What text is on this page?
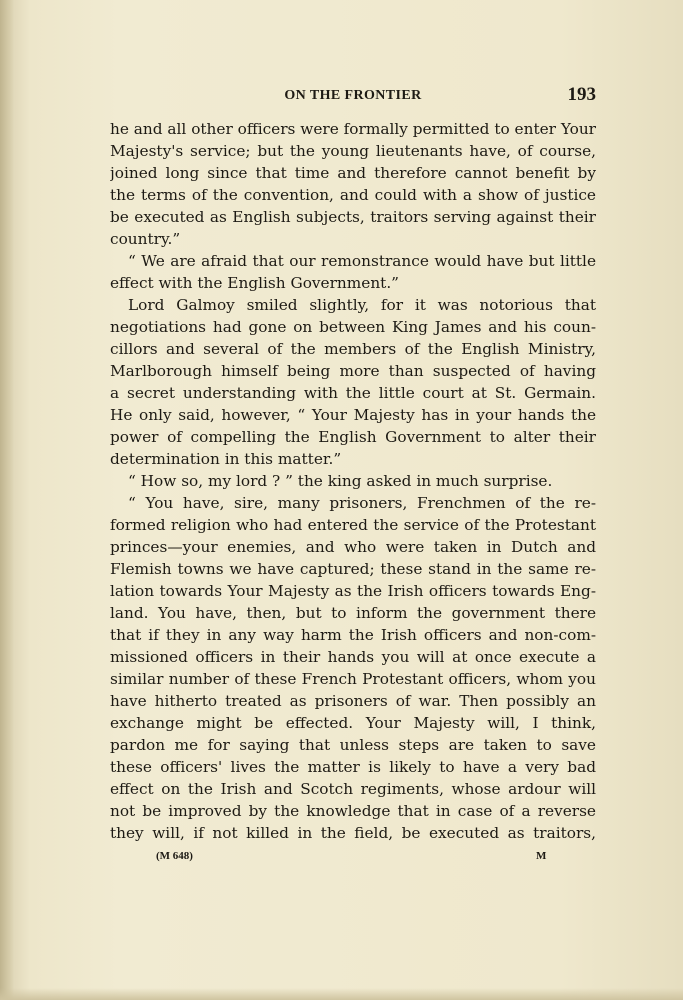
ON THE FRONTIER	193
he and all other officers were formally permitted to enter Your
Majesty's service; but the young lieutenants have, of course,
joined long since that time and therefore cannot benefit by
the terms of the convention, and could with a show of justice
be executed as English subjects, traitors serving against their
country.”
“ We are afraid that our remonstrance would have but little
effect with the English Government.”
Lord Galmoy smiled slightly, for it was notorious that
negotiations had gone on between King James and his coun-
cillors and several of the members of the English Ministry,
Marlborough himself being more than suspected of having
a secret understanding with the little court at St. Germain.
He only said, however, “ Your Majesty has in your hands the
power of compelling the English Government to alter their
determination in this matter.”
“ How so, my lord ? ” the king asked in much surprise.
“ You have, sire, many prisoners, Frenchmen of the re-
formed religion who had entered the service of the Protestant
princes—your enemies, and who were taken in Dutch and
Flemish towns we have captured; these stand in the same re-
lation towards Your Majesty as the Irish officers towards Eng-
land. You have, then, but to inform the government there
that if they in any way harm the Irish officers and non-com-
missioned officers in their hands you will at once execute a
similar number of these French Protestant officers, whom you
have hitherto treated as prisoners of war. Then possibly an
exchange might be effected. Your Majesty will, I think,
pardon me for saying that unless steps are taken to save
these officers' lives the matter is likely to have a very bad
effect on the Irish and Scotch regiments, whose ardour will
not be improved by the knowledge that in case of a reverse
they will, if not killed in the field, be executed as traitors,
(M 648)	M
